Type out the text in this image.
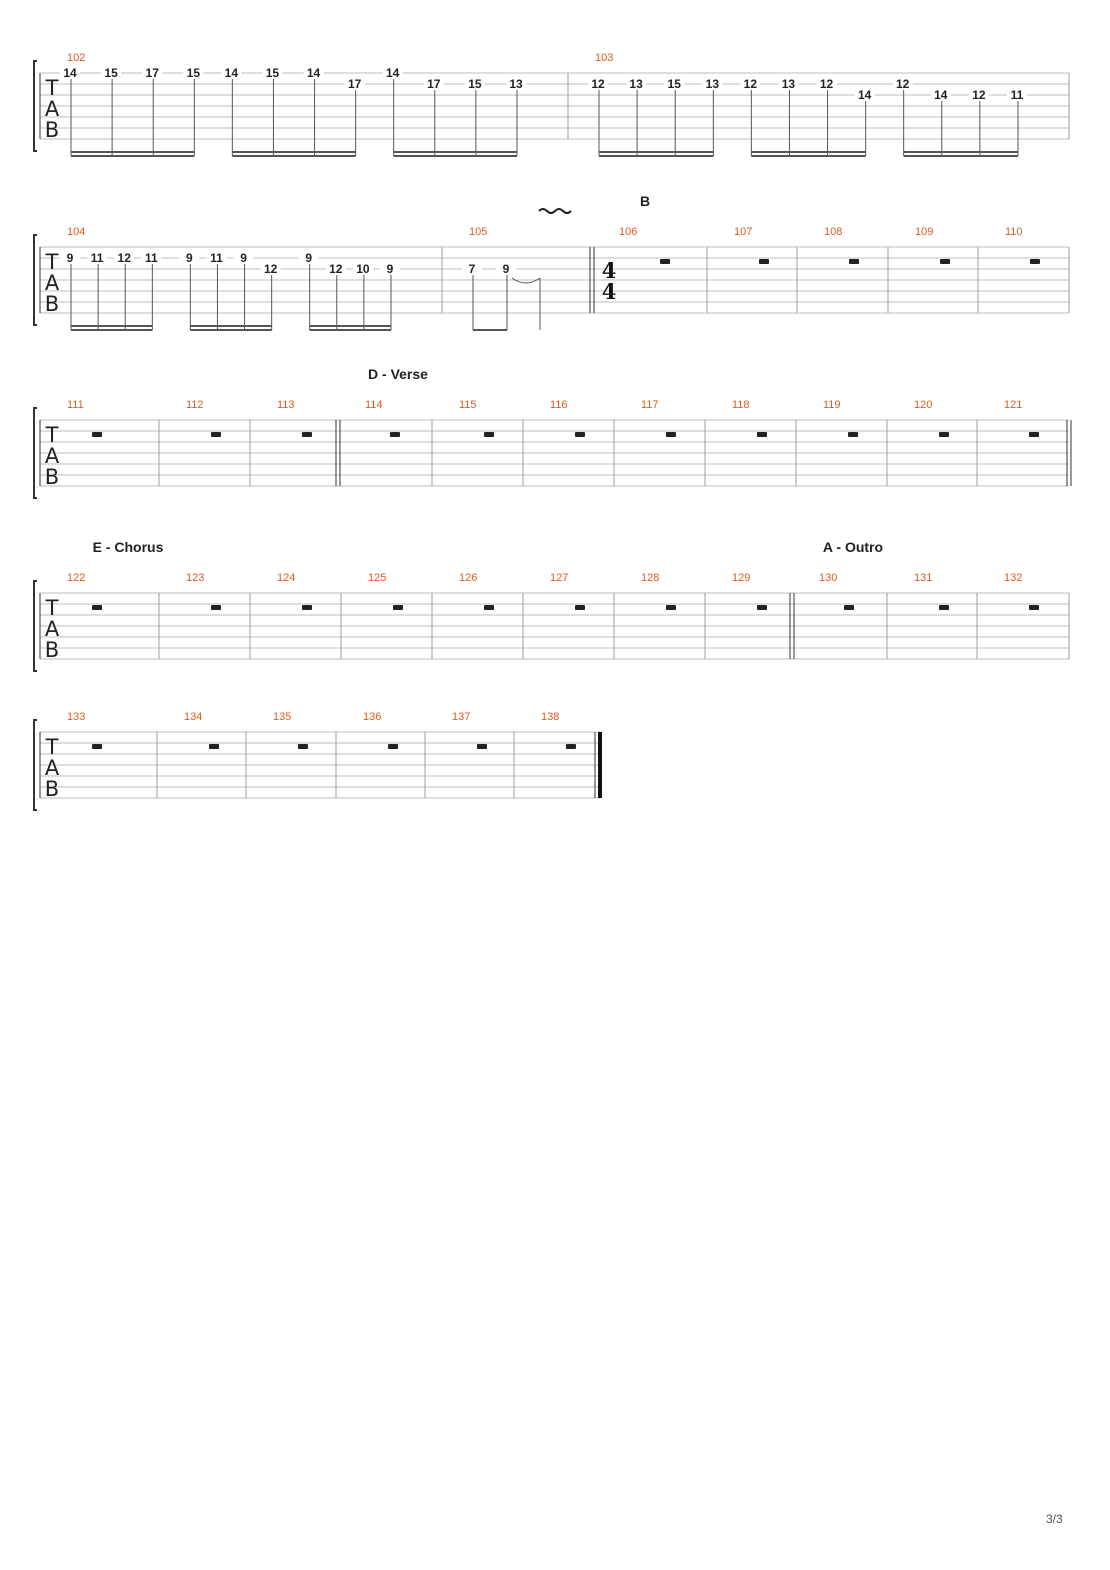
T
A
B
102
14 15 17 15 14 15 14
17
14
17 15 13
103
12 13 15 13 12 13 12
14
12
14 12 11
T
A
B
104
9 11 12 11 9 11 9
12
9
12 10 9
105
7 9
106
B
4
4
107	108	109	110
T
A
B
111	112	113	114
D - Verse
115	116	117	118	119	120	121
T
A
B
122
E - Chorus
123	124	125	126	127	128	129	130
A - Outro
131	132
T
A
B
133	134	135	136	137	138
3/3
